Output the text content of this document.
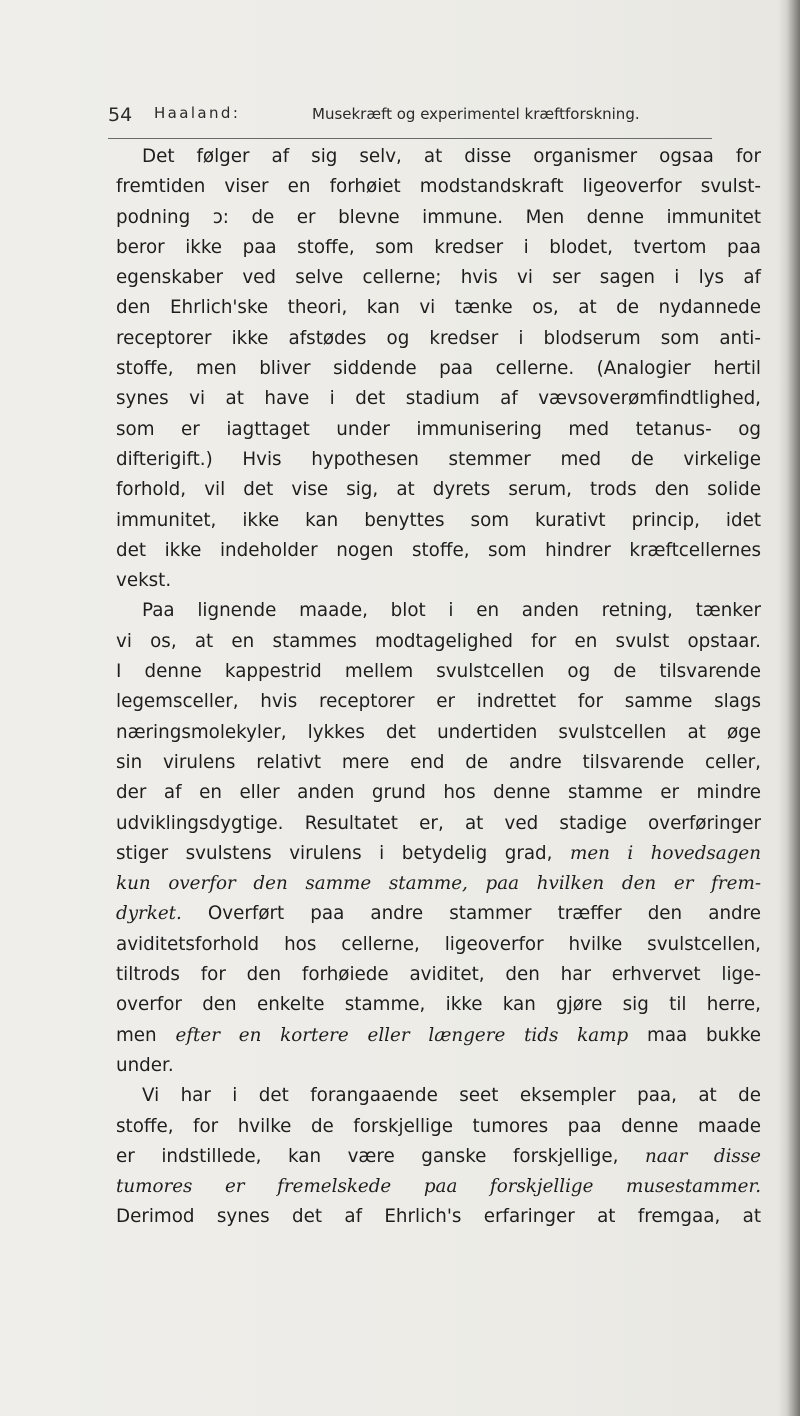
54 Haaland:	Musekræft og experimentel kræftforskning.
Det følger af sig selv, at disse organismer ogsaa for
fremtiden viser en forhøiet modstandskraft ligeoverfor svulst-
podning ɔ: de er blevne immune. Men denne immunitet
beror ikke paa stoffe, som kredser i blodet, tvertom paa
egenskaber ved selve cellerne; hvis vi ser sagen i lys af
den Ehrlich'ske theori, kan vi tænke os, at de nydannede
receptorer ikke afstødes og kredser i blodserum som anti-
stoffe, men bliver siddende paa cellerne. (Analogier hertil
synes vi at have i det stadium af vævsoverømfindtlighed,
som er iagttaget under immunisering med tetanus- og
difterigift.) Hvis hypothesen stemmer med de virkelige
forhold, vil det vise sig, at dyrets serum, trods den solide
immunitet, ikke kan benyttes som kurativt princip, idet
det ikke indeholder nogen stoffe, som hindrer kræftcellernes
vekst.
Paa lignende maade, blot i en anden retning, tænker
vi os, at en stammes modtagelighed for en svulst opstaar.
I denne kappestrid mellem svulstcellen og de tilsvarende
legemsceller, hvis receptorer er indrettet for samme slags
næringsmolekyler, lykkes det undertiden svulstcellen at øge
sin virulens relativt mere end de andre tilsvarende celler,
der af en eller anden grund hos denne stamme er mindre
udviklingsdygtige. Resultatet er, at ved stadige overføringer
stiger svulstens virulens i betydelig grad, men i hovedsagen
kun overfor den samme stamme, paa hvilken den er frem-
dyrket. Overført paa andre stammer træffer den andre
aviditetsforhold hos cellerne, ligeoverfor hvilke svulstcellen,
tiltrods for den forhøiede aviditet, den har erhvervet lige-
overfor den enkelte stamme, ikke kan gjøre sig til herre,
men efter en kortere eller længere tids kamp maa bukke
under.
Vi har i det forangaaende seet eksempler paa, at de
stoffe, for hvilke de forskjellige tumores paa denne maade
er indstillede, kan være ganske forskjellige, naar disse
tumores er fremelskede paa forskjellige musestammer.
Derimod synes det af Ehrlich's erfaringer at fremgaa, at
